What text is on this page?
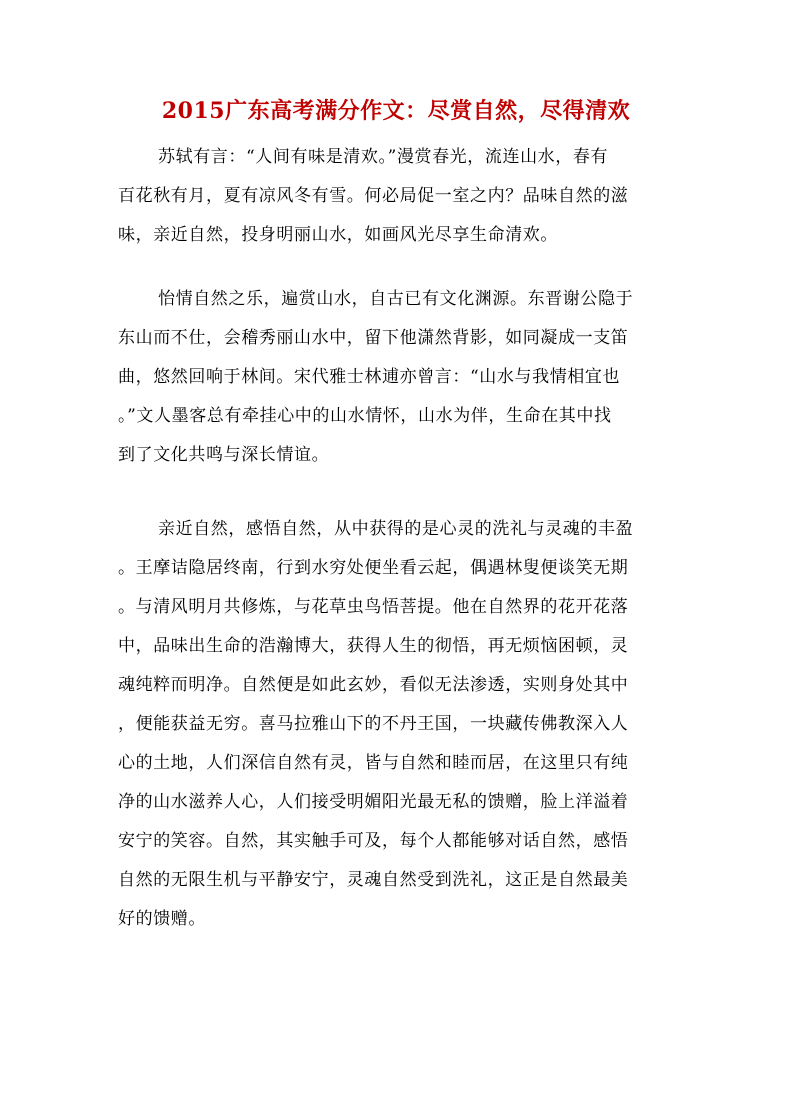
2015广东高考满分作文：尽赏自然，尽得清欢
苏轼有言：“人间有味是清欢。”漫赏春光，流连山水，春有
百花秋有月，夏有凉风冬有雪。何必局促一室之内？品味自然的滋
味，亲近自然，投身明丽山水，如画风光尽享生命清欢。
怡情自然之乐，遍赏山水，自古已有文化渊源。东晋谢公隐于
东山而不仕，会稽秀丽山水中，留下他潇然背影，如同凝成一支笛
曲，悠然回响于林间。宋代雅士林逋亦曾言：“山水与我情相宜也
。”文人墨客总有牵挂心中的山水情怀，山水为伴，生命在其中找
到了文化共鸣与深长情谊。
亲近自然，感悟自然，从中获得的是心灵的洗礼与灵魂的丰盈
。王摩诘隐居终南，行到水穷处便坐看云起，偶遇林叟便谈笑无期
。与清风明月共修炼，与花草虫鸟悟菩提。他在自然界的花开花落
中，品味出生命的浩瀚博大，获得人生的彻悟，再无烦恼困顿，灵
魂纯粹而明净。自然便是如此玄妙，看似无法渗透，实则身处其中
，便能获益无穷。喜马拉雅山下的不丹王国，一块藏传佛教深入人
心的土地，人们深信自然有灵，皆与自然和睦而居，在这里只有纯
净的山水滋养人心，人们接受明媚阳光最无私的馈赠，脸上洋溢着
安宁的笑容。自然，其实触手可及，每个人都能够对话自然，感悟
自然的无限生机与平静安宁，灵魂自然受到洗礼，这正是自然最美
好的馈赠。
